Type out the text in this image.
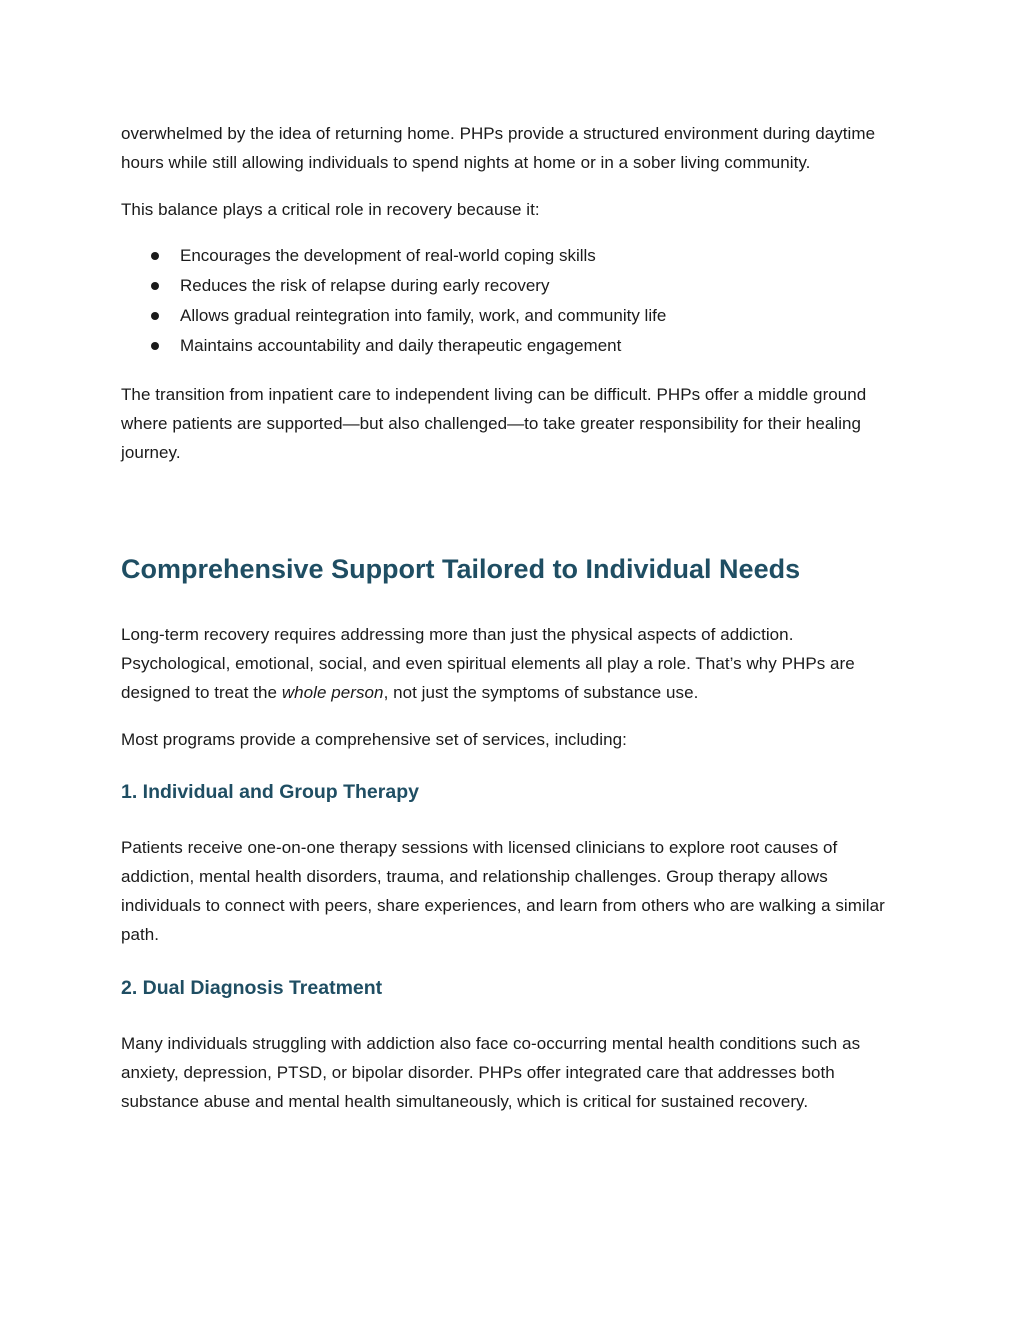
overwhelmed by the idea of returning home. PHPs provide a structured environment during daytime hours while still allowing individuals to spend nights at home or in a sober living community.

This balance plays a critical role in recovery because it:

Encourages the development of real-world coping skills
Reduces the risk of relapse during early recovery
Allows gradual reintegration into family, work, and community life
Maintains accountability and daily therapeutic engagement

The transition from inpatient care to independent living can be difficult. PHPs offer a middle ground where patients are supported—but also challenged—to take greater responsibility for their healing journey.

Comprehensive Support Tailored to Individual Needs

Long-term recovery requires addressing more than just the physical aspects of addiction. Psychological, emotional, social, and even spiritual elements all play a role. That’s why PHPs are designed to treat the whole person, not just the symptoms of substance use.

Most programs provide a comprehensive set of services, including:

1. Individual and Group Therapy

Patients receive one-on-one therapy sessions with licensed clinicians to explore root causes of addiction, mental health disorders, trauma, and relationship challenges. Group therapy allows individuals to connect with peers, share experiences, and learn from others who are walking a similar path.

2. Dual Diagnosis Treatment

Many individuals struggling with addiction also face co-occurring mental health conditions such as anxiety, depression, PTSD, or bipolar disorder. PHPs offer integrated care that addresses both substance abuse and mental health simultaneously, which is critical for sustained recovery.
